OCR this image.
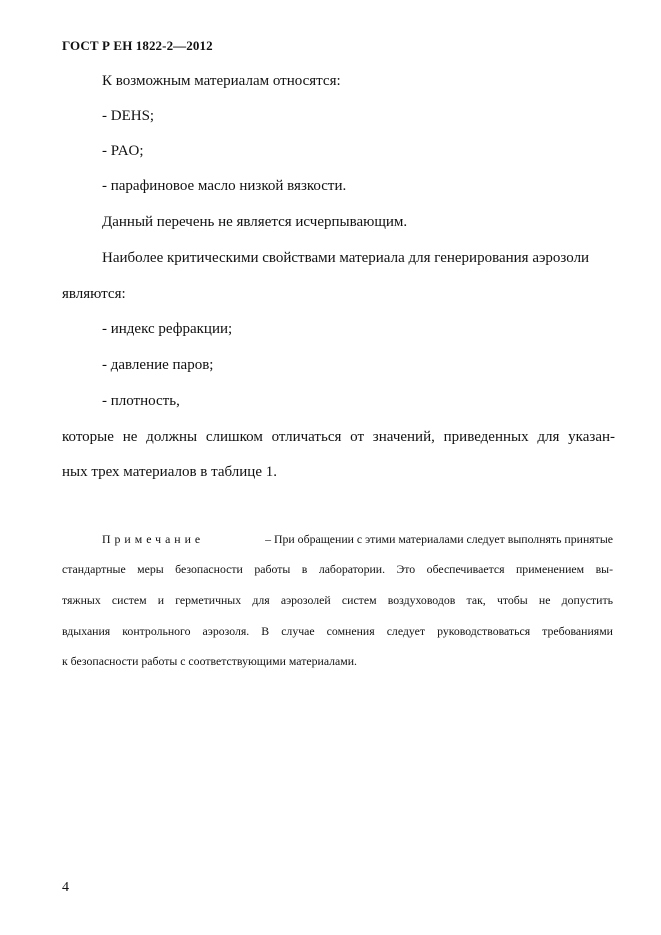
ГОСТ Р ЕН 1822-2—2012
К возможным материалам относятся:
- DEHS;
- PAO;
- парафиновое масло низкой вязкости.
Данный перечень не является исчерпывающим.
Наиболее критическими свойствами материала для генерирования аэрозоли
являются:
- индекс рефракции;
- давление паров;
- плотность,
которые не должны слишком отличаться от значений, приведенных для указан-
ных трех материалов в таблице 1.
Примечание	– При обращении с этими материалами следует выполнять принятые
стандартные меры безопасности работы в лаборатории. Это обеспечивается применением вы-
тяжных систем и герметичных для аэрозолей систем воздуховодов так, чтобы не допустить
вдыхания контрольного аэрозоля. В случае сомнения следует руководствоваться требованиями
к безопасности работы с соответствующими материалами.
4
